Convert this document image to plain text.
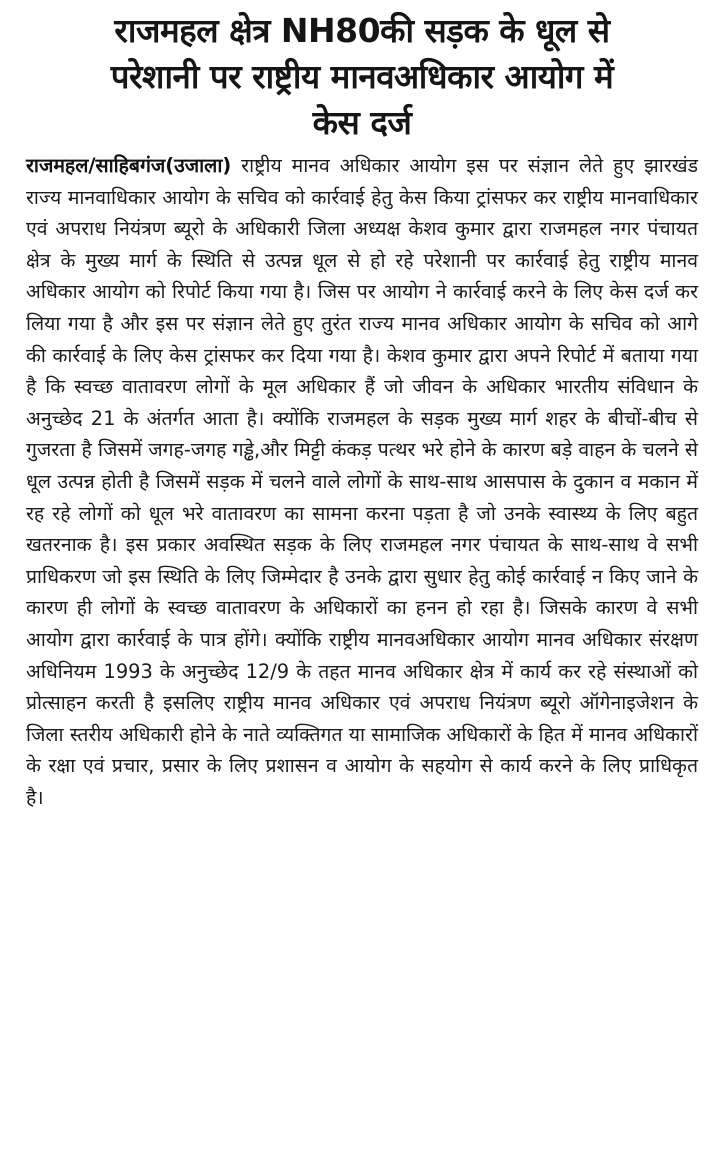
राजमहल क्षेत्र NH80की सड़क के धूल से
परेशानी पर राष्ट्रीय मानवअधिकार आयोग में
केस दर्ज

राजमहल/साहिबगंज(उजाला) राष्ट्रीय मानव अधिकार आयोग इस पर संज्ञान लेते हुए झारखंड राज्य मानवाधिकार आयोग के सचिव को कार्रवाई हेतु केस किया ट्रांसफर कर राष्ट्रीय मानवाधिकार एवं अपराध नियंत्रण ब्यूरो के अधिकारी जिला अध्यक्ष केशव कुमार द्वारा राजमहल नगर पंचायत क्षेत्र के मुख्य मार्ग के स्थिति से उत्पन्न धूल से हो रहे परेशानी पर कार्रवाई हेतु राष्ट्रीय मानव अधिकार आयोग को रिपोर्ट किया गया है। जिस पर आयोग ने कार्रवाई करने के लिए केस दर्ज कर लिया गया है और इस पर संज्ञान लेते हुए तुरंत राज्य मानव अधिकार आयोग के सचिव को आगे की कार्रवाई के लिए केस ट्रांसफर कर दिया गया है। केशव कुमार द्वारा अपने रिपोर्ट में बताया गया है कि स्वच्छ वातावरण लोगों के मूल अधिकार हैं जो जीवन के अधिकार भारतीय संविधान के अनुच्छेद 21 के अंतर्गत आता है। क्योंकि राजमहल के सड़क मुख्य मार्ग शहर के बीचों-बीच से गुजरता है जिसमें जगह-जगह गड्ढे,और मिट्टी कंकड़ पत्थर भरे होने के कारण बड़े वाहन के चलने से धूल उत्पन्न होती है जिसमें सड़क में चलने वाले लोगों के साथ-साथ आसपास के दुकान व मकान में रह रहे लोगों को धूल भरे वातावरण का सामना करना पड़ता है जो उनके स्वास्थ्य के लिए बहुत खतरनाक है। इस प्रकार अवस्थित सड़क के लिए राजमहल नगर पंचायत के साथ-साथ वे सभी प्राधिकरण जो इस स्थिति के लिए जिम्मेदार है उनके द्वारा सुधार हेतु कोई कार्रवाई न किए जाने के कारण ही लोगों के स्वच्छ वातावरण के अधिकारों का हनन हो रहा है। जिसके कारण वे सभी आयोग द्वारा कार्रवाई के पात्र होंगे। क्योंकि राष्ट्रीय मानवअधिकार आयोग मानव अधिकार संरक्षण अधिनियम 1993 के अनुच्छेद 12/9 के तहत मानव अधिकार क्षेत्र में कार्य कर रहे संस्थाओं को प्रोत्साहन करती है इसलिए राष्ट्रीय मानव अधिकार एवं अपराध नियंत्रण ब्यूरो ऑगेनाइजेशन के जिला स्तरीय अधिकारी होने के नाते व्यक्तिगत या सामाजिक अधिकारों के हित में मानव अधिकारों के रक्षा एवं प्रचार, प्रसार के लिए प्रशासन व आयोग के सहयोग से कार्य करने के लिए प्राधिकृत है।
